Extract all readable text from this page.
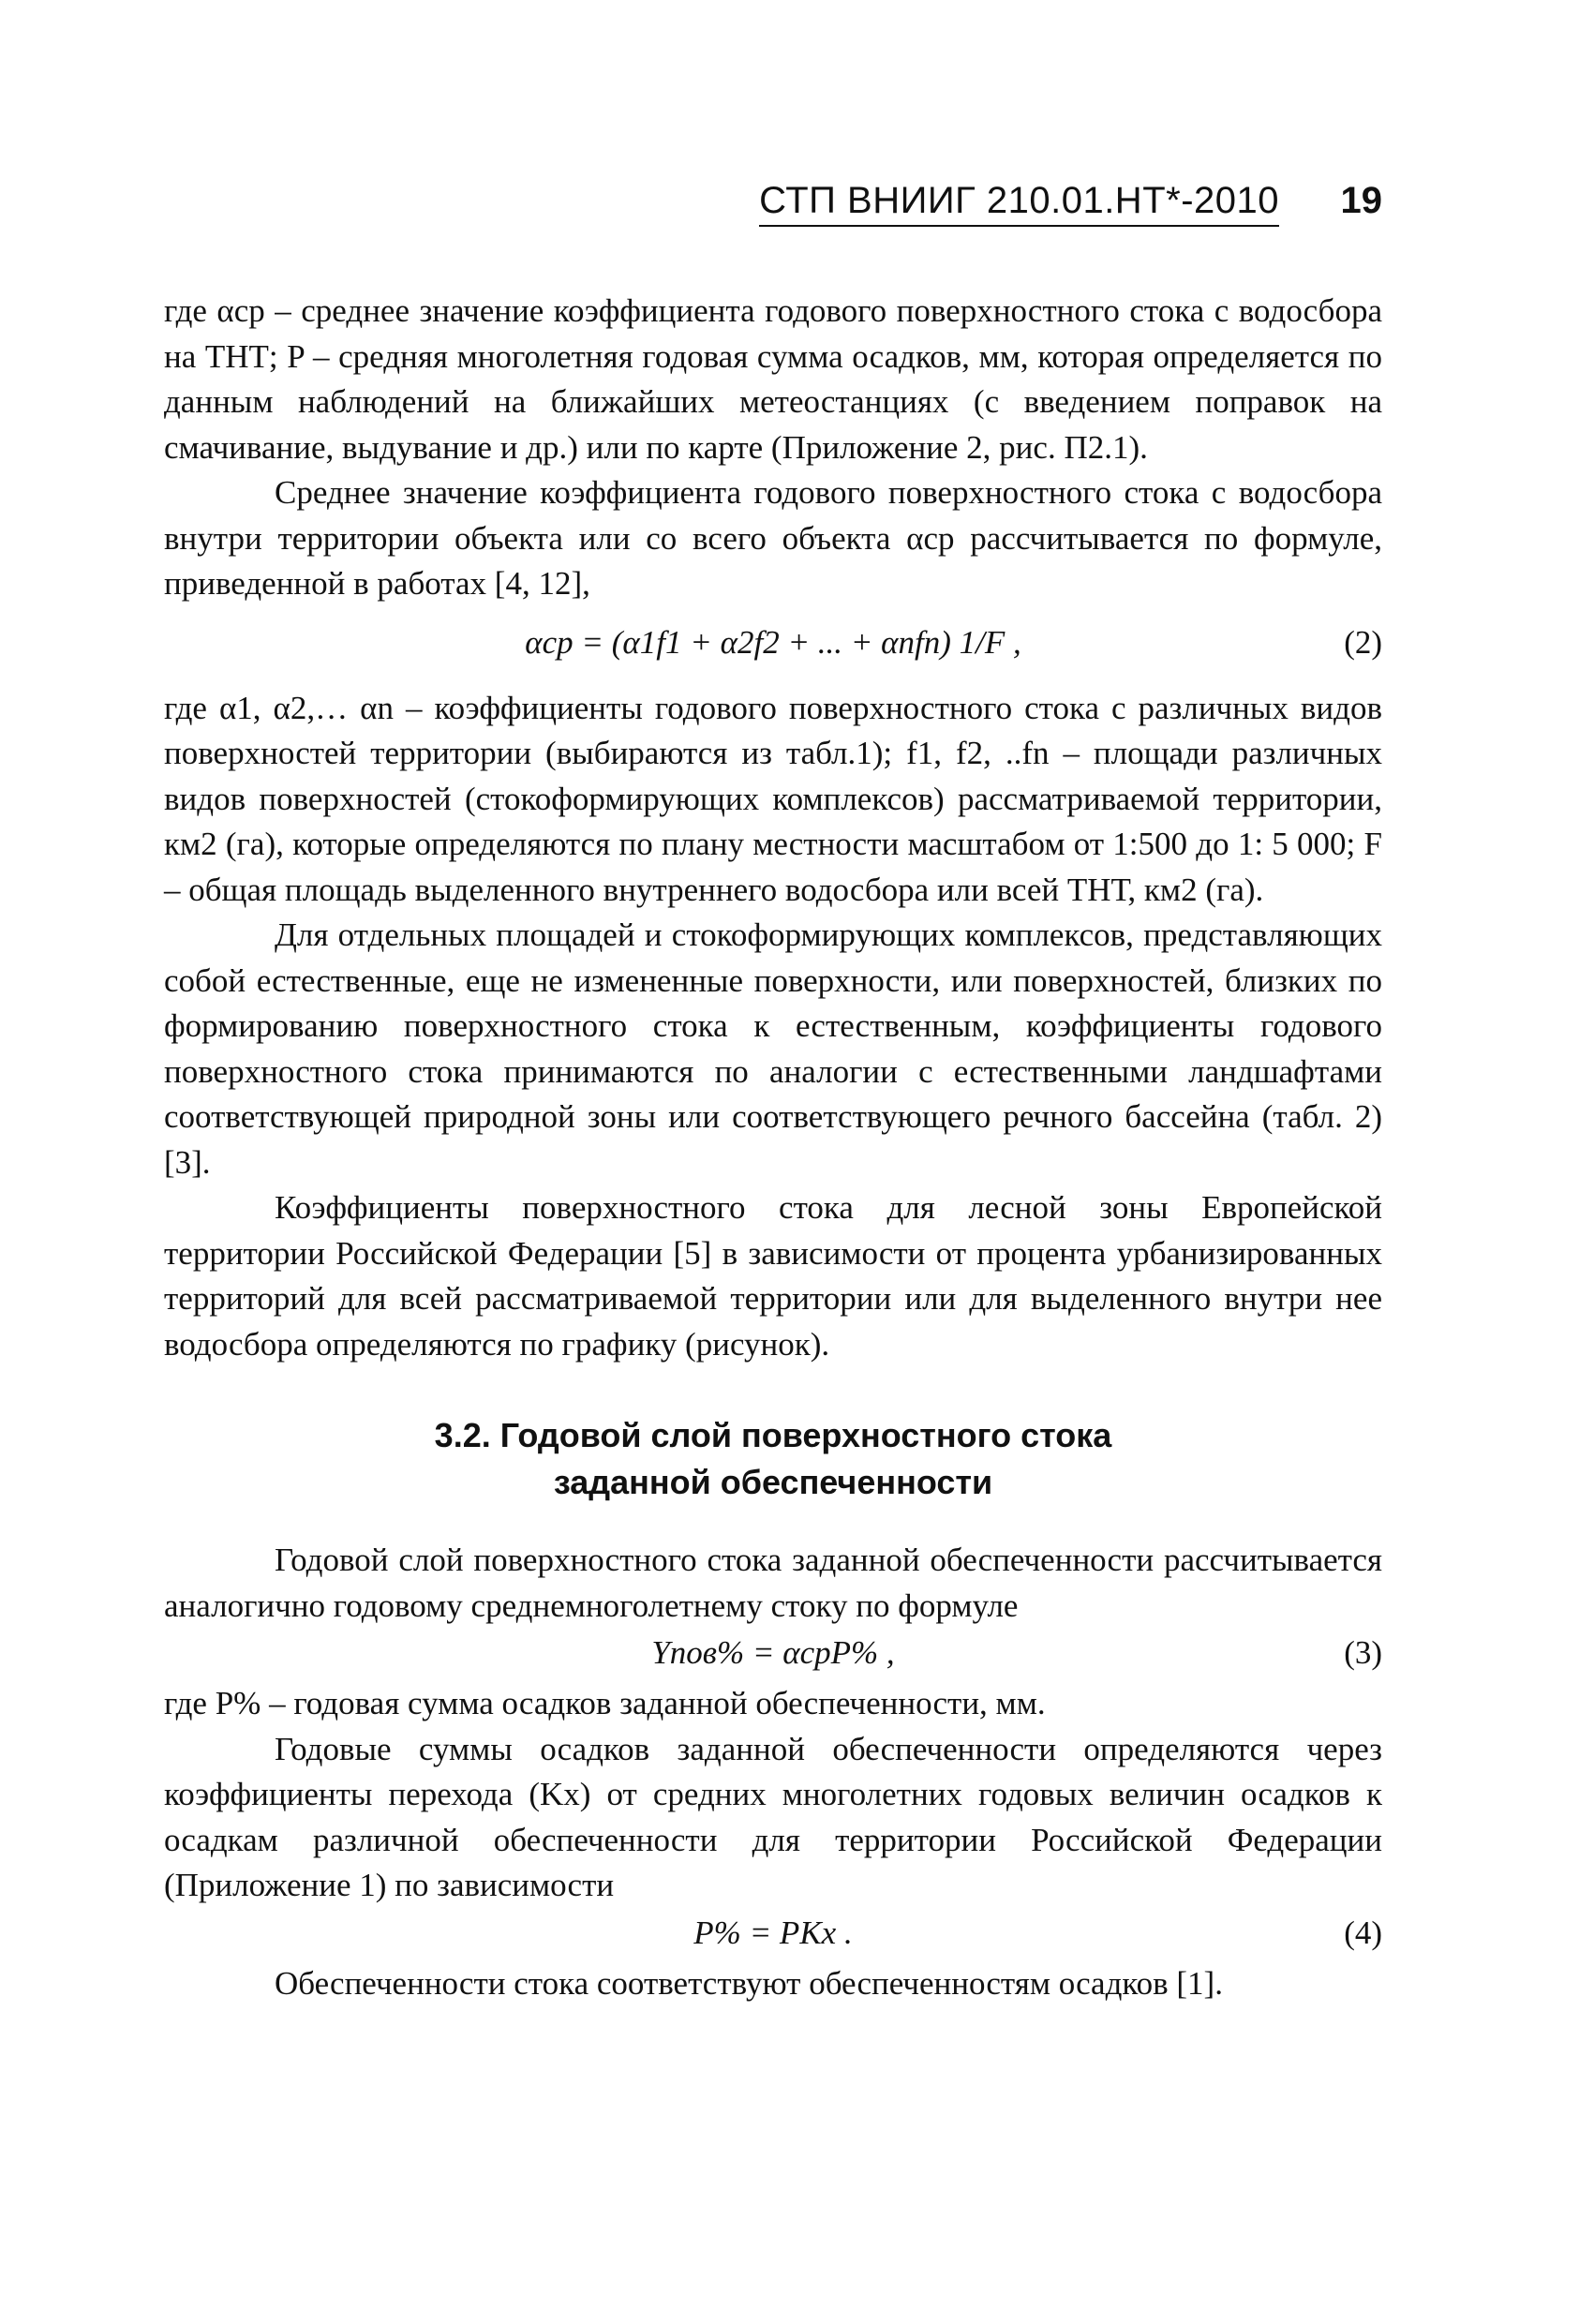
СТП ВНИИГ 210.01.НТ*-2010 19

где αср – среднее значение коэффициента годового поверхностного стока с водосбора на ТНТ; P – средняя многолетняя годовая сумма осадков, мм, которая определяется по данным наблюдений на ближайших метеостанциях (с введением поправок на смачивание, выдувание и др.) или по карте (Приложение 2, рис. П2.1).

Среднее значение коэффициента годового поверхностного стока с водосбора внутри территории объекта или со всего объекта αср рассчитывается по формуле, приведенной в работах [4, 12],

αср = (α1f1 + α2f2 + ... + αnfn) 1/F ,	(2)

где α1, α2,… αn – коэффициенты годового поверхностного стока с различных видов поверхностей территории (выбираются из табл.1); f1, f2, ..fn – площади различных видов поверхностей (стокоформирующих комплексов) рассматриваемой территории, км2 (га), которые определяются по плану местности масштабом от 1:500 до 1: 5 000; F – общая площадь выделенного внутреннего водосбора или всей ТНТ, км2 (га).

Для отдельных площадей и стокоформирующих комплексов, представляющих собой естественные, еще не измененные поверхности, или поверхностей, близких по формированию поверхностного стока к естественным, коэффициенты годового поверхностного стока принимаются по аналогии с естественными ландшафтами соответствующей природной зоны или соответствующего речного бассейна (табл. 2) [3].

Коэффициенты поверхностного стока для лесной зоны Европейской территории Российской Федерации [5] в зависимости от процента урбанизированных территорий для всей рассматриваемой территории или для выделенного внутри нее водосбора определяются по графику (рисунок).

3.2. Годовой слой поверхностного стока
заданной обеспеченности

Годовой слой поверхностного стока заданной обеспеченности рассчитывается аналогично годовому среднемноголетнему стоку по формуле

Yпов% = αсрP% ,	(3)

где P% – годовая сумма осадков заданной обеспеченности, мм.

Годовые суммы осадков заданной обеспеченности определяются через коэффициенты перехода (Kx) от средних многолетних годовых величин осадков к осадкам различной обеспеченности для территории Российской Федерации (Приложение 1) по зависимости

P% = PKx .	(4)

Обеспеченности стока соответствуют обеспеченностям осадков [1].
